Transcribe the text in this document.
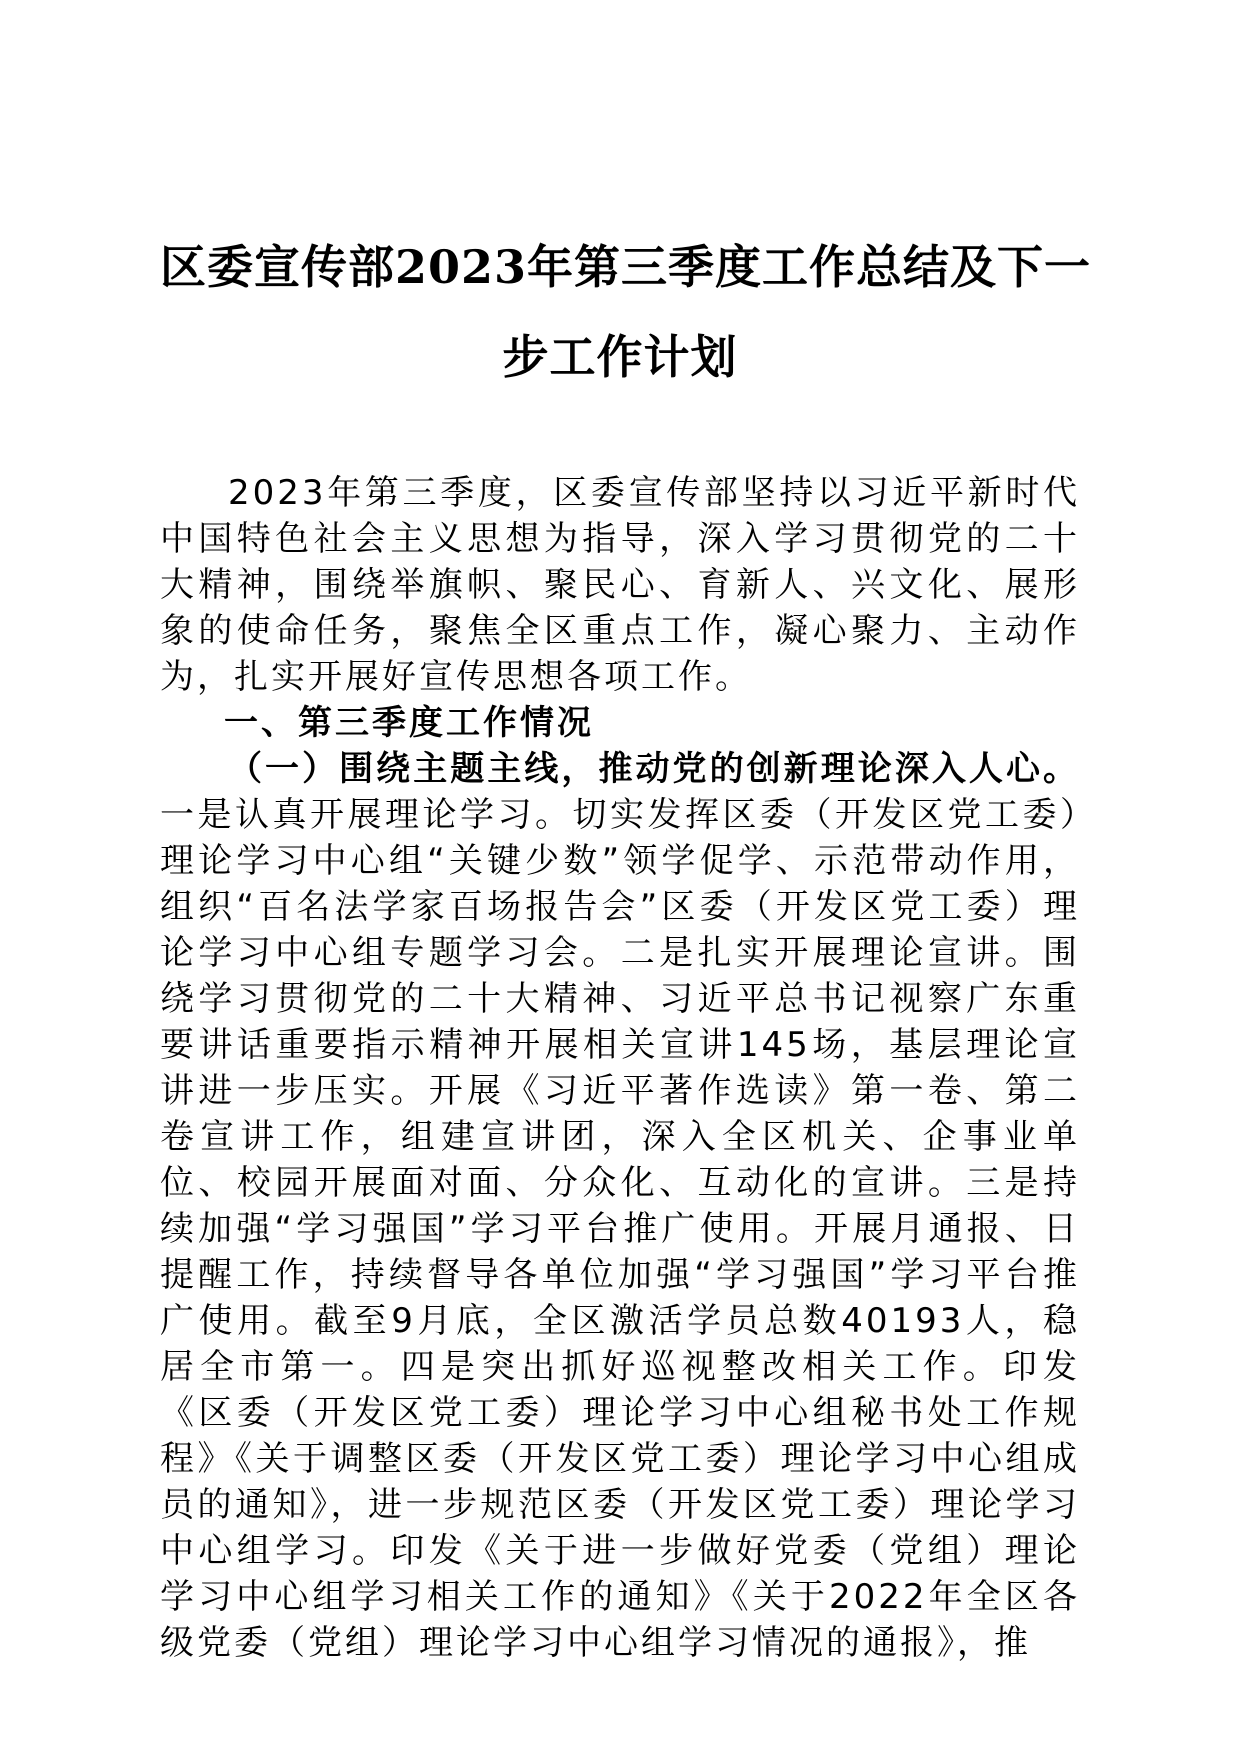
区委宣传部2023年第三季度工作总结及下一
步工作计划

2023年第三季度，区委宣传部坚持以习近平新时代中国特色社会主义思想为指导，深入学习贯彻党的二十大精神，围绕举旗帜、聚民心、育新人、兴文化、展形象的使命任务，聚焦全区重点工作，凝心聚力、主动作为，扎实开展好宣传思想各项工作。

一、第三季度工作情况

（一）围绕主题主线，推动党的创新理论深入人心。一是认真开展理论学习。切实发挥区委（开发区党工委）理论学习中心组“关键少数”领学促学、示范带动作用，组织“百名法学家百场报告会”区委（开发区党工委）理论学习中心组专题学习会。二是扎实开展理论宣讲。围绕学习贯彻党的二十大精神、习近平总书记视察广东重要讲话重要指示精神开展相关宣讲145场，基层理论宣讲进一步压实。开展《习近平著作选读》第一卷、第二卷宣讲工作，组建宣讲团，深入全区机关、企事业单位、校园开展面对面、分众化、互动化的宣讲。三是持续加强“学习强国”学习平台推广使用。开展月通报、日提醒工作，持续督导各单位加强“学习强国”学习平台推广使用。截至9月底，全区激活学员总数40193人，稳居全市第一。四是突出抓好巡视整改相关工作。印发《区委（开发区党工委）理论学习中心组秘书处工作规程》《关于调整区委（开发区党工委）理论学习中心组成员的通知》，进一步规范区委（开发区党工委）理论学习中心组学习。印发《关于进一步做好党委（党组）理论学习中心组学习相关工作的通知》《关于2022年全区各级党委（党组）理论学习中心组学习情况的通报》，推
